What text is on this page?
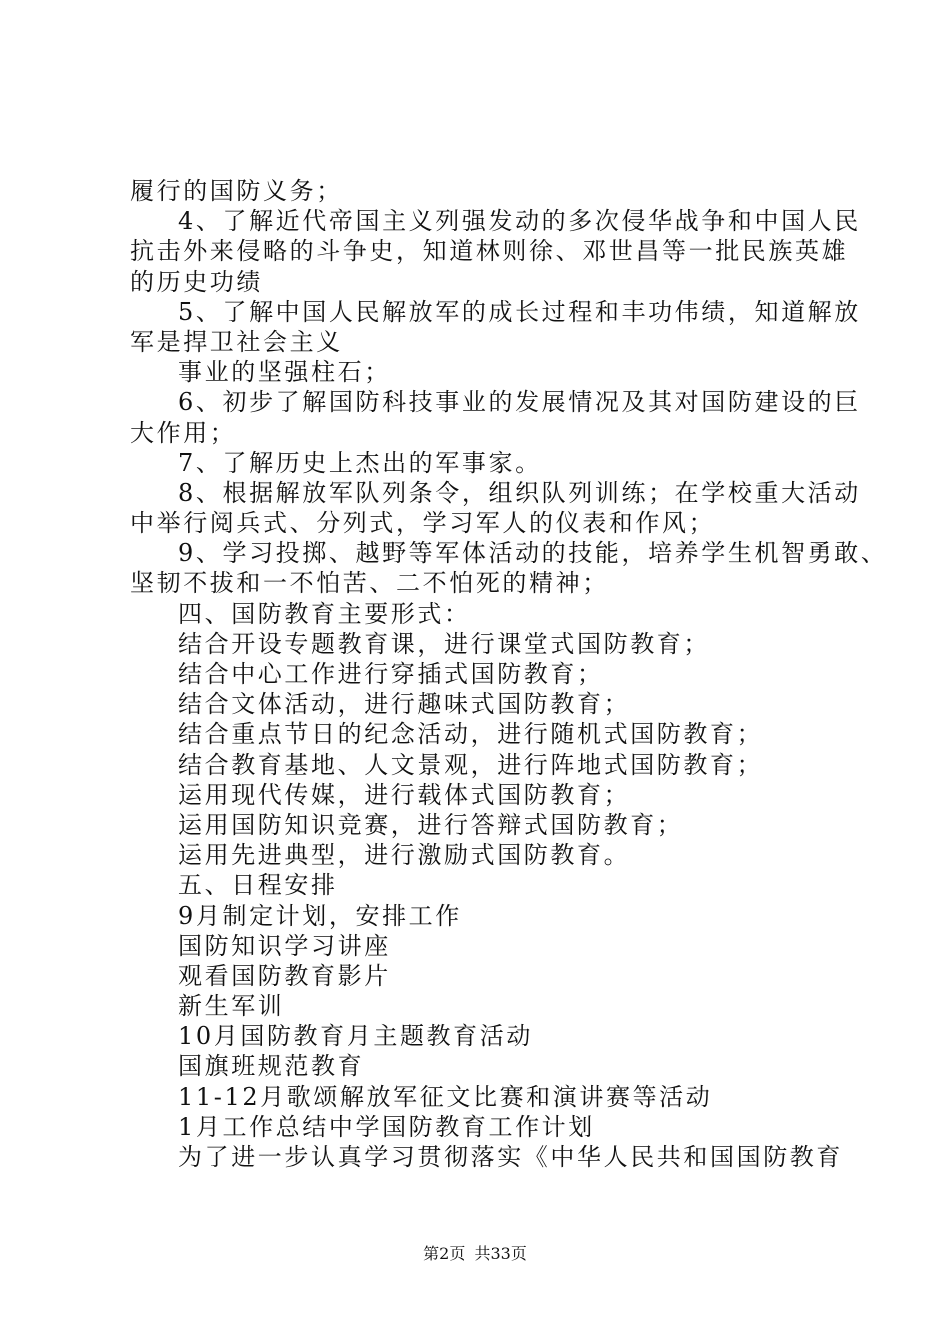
履行的国防义务；
4、了解近代帝国主义列强发动的多次侵华战争和中国人民
抗击外来侵略的斗争史，知道林则徐、邓世昌等一批民族英雄
的历史功绩
5、了解中国人民解放军的成长过程和丰功伟绩，知道解放
军是捍卫社会主义
事业的坚强柱石；
6、初步了解国防科技事业的发展情况及其对国防建设的巨
大作用；
7、了解历史上杰出的军事家。
8、根据解放军队列条令，组织队列训练；在学校重大活动
中举行阅兵式、分列式，学习军人的仪表和作风；
9、学习投掷、越野等军体活动的技能，培养学生机智勇敢、
坚韧不拔和一不怕苦、二不怕死的精神；
四、国防教育主要形式：
结合开设专题教育课，进行课堂式国防教育；
结合中心工作进行穿插式国防教育；
结合文体活动，进行趣味式国防教育；
结合重点节日的纪念活动，进行随机式国防教育；
结合教育基地、人文景观，进行阵地式国防教育；
运用现代传媒，进行载体式国防教育；
运用国防知识竞赛，进行答辩式国防教育；
运用先进典型，进行激励式国防教育。
五、日程安排
9月制定计划，安排工作
国防知识学习讲座
观看国防教育影片
新生军训
10月国防教育月主题教育活动
国旗班规范教育
11-12月歌颂解放军征文比赛和演讲赛等活动
1月工作总结中学国防教育工作计划
为了进一步认真学习贯彻落实《中华人民共和国国防教育
第2页 共33页
